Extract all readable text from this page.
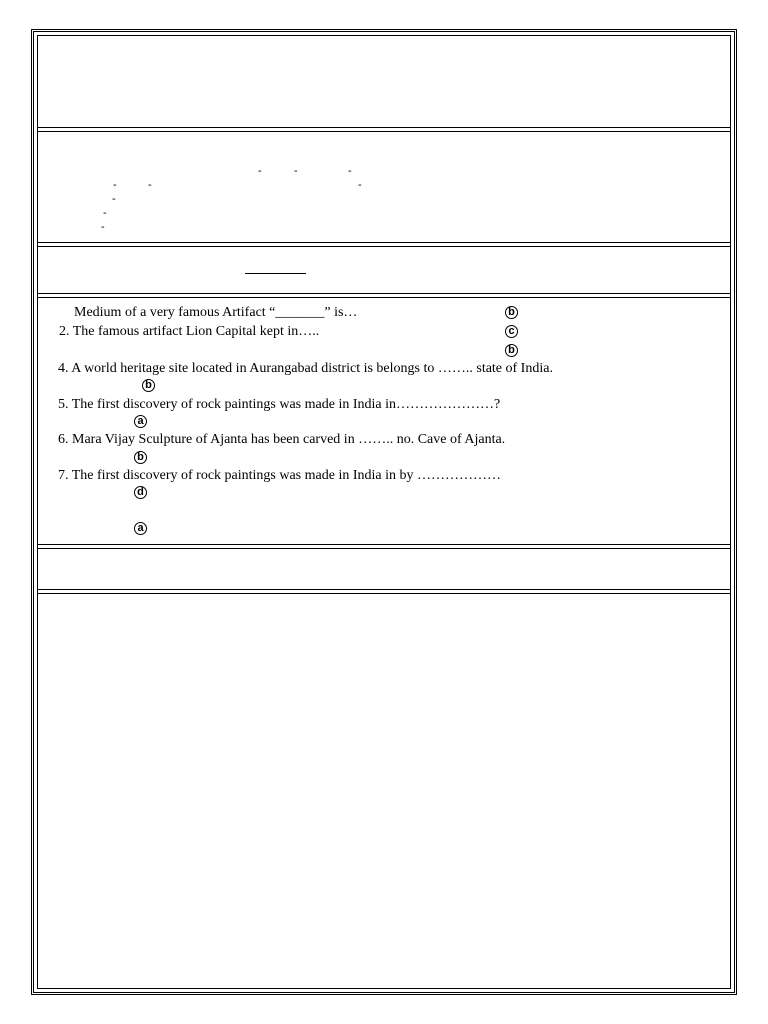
-	-	-
-	-	-
-
-
-
Medium of a very famous Artifact “_______” is…
2. The famous artifact Lion Capital kept in…..
4. A world heritage site located in Aurangabad district is belongs to …….. state of India.
5. The first discovery of rock paintings was made in India in…………………?
6. Mara Vijay Sculpture of Ajanta has been carved in …….. no. Cave of Ajanta.
7. The first discovery of rock paintings was made in India in by ………………
b
c
b
b
a
b
d
a
